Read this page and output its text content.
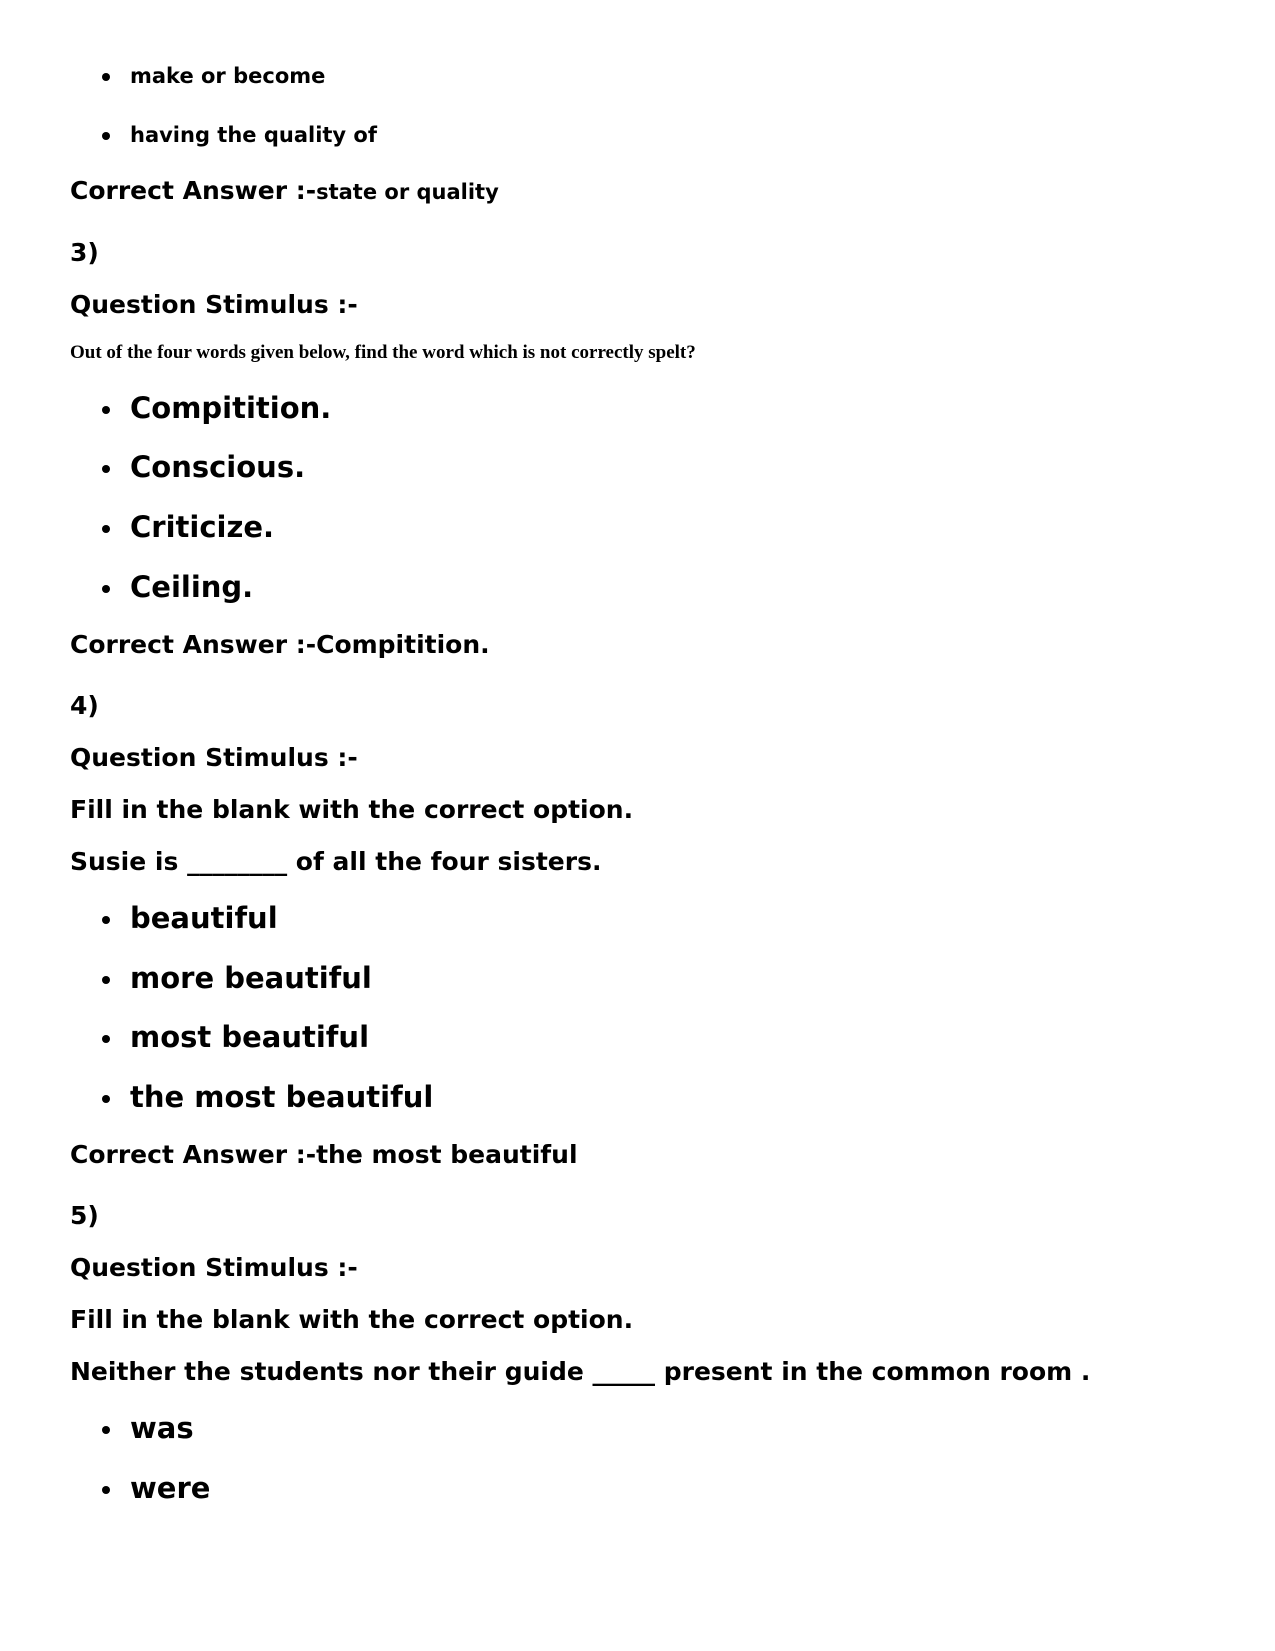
make or become
having the quality of
Correct Answer :-state or quality
3)
Question Stimulus :-
Out of the four words given below, find the word which is not correctly spelt?
Compitition.
Conscious.
Criticize.
Ceiling.
Correct Answer :-Compitition.
4)
Question Stimulus :-
Fill in the blank with the correct option.
Susie is ________ of all the four sisters.
beautiful
more beautiful
most beautiful
the most beautiful
Correct Answer :-the most beautiful
5)
Question Stimulus :-
Fill in the blank with the correct option.
Neither the students nor their guide _____ present in the common room .
was
were
